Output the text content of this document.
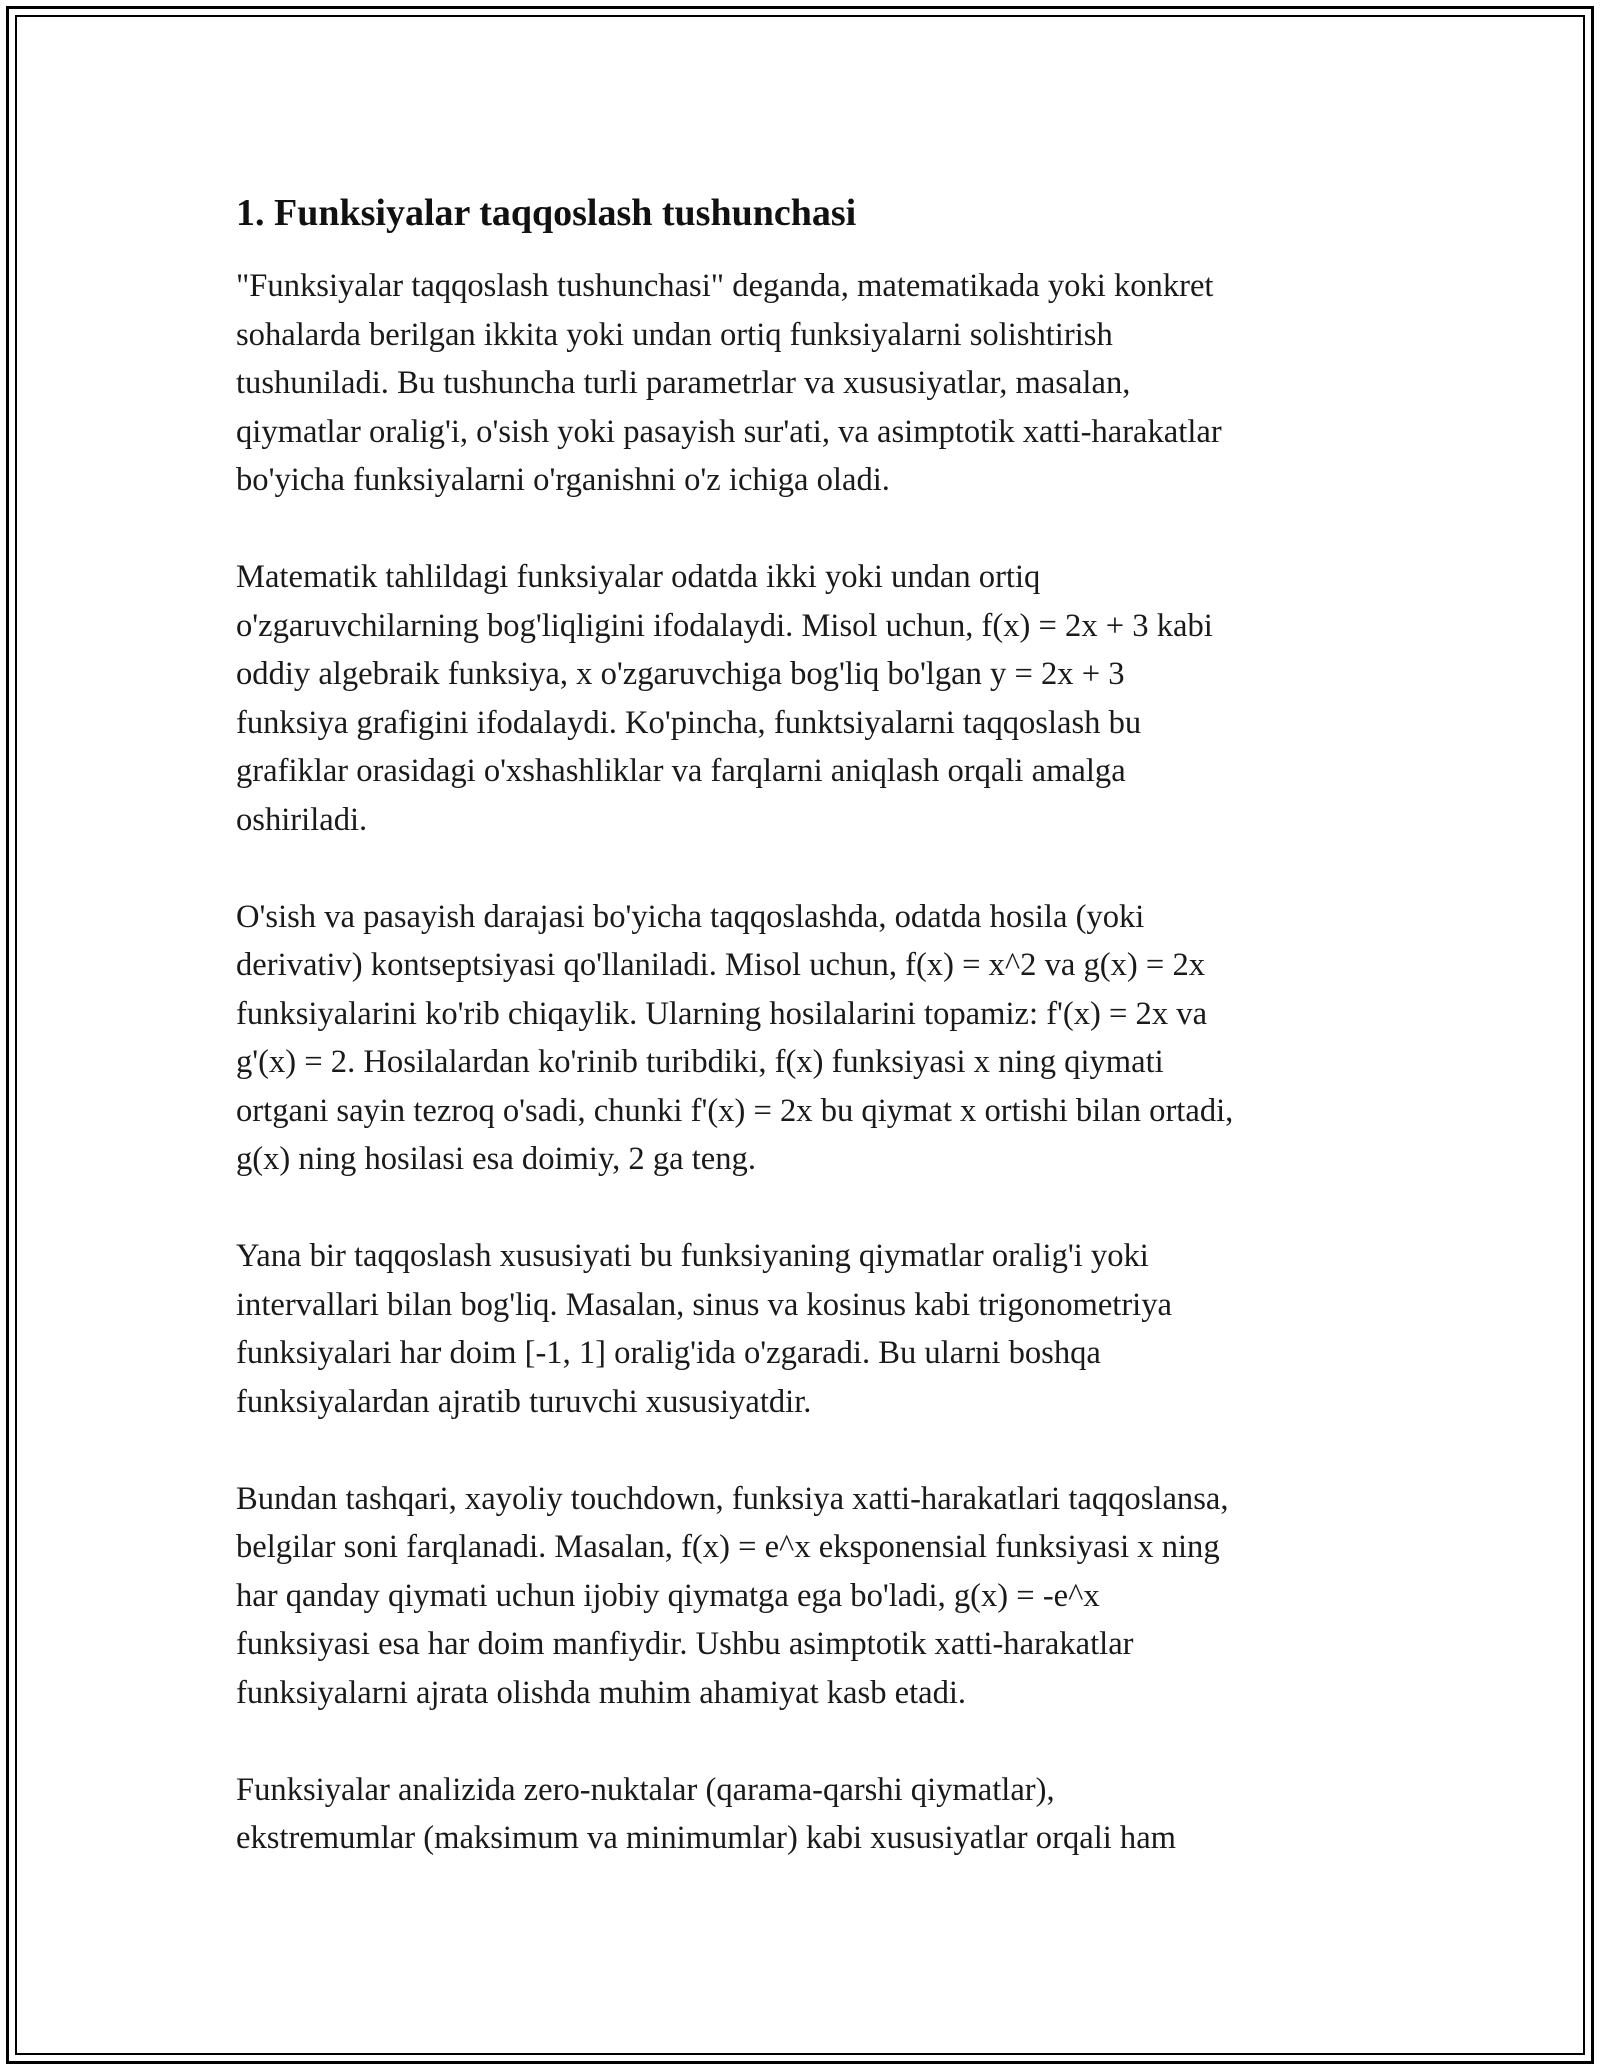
1. Funksiyalar taqqoslash tushunchasi

"Funksiyalar taqqoslash tushunchasi" deganda, matematikada yoki konkret
sohalarda berilgan ikkita yoki undan ortiq funksiyalarni solishtirish
tushuniladi. Bu tushuncha turli parametrlar va xususiyatlar, masalan,
qiymatlar oralig'i, o'sish yoki pasayish sur'ati, va asimptotik xatti-harakatlar
bo'yicha funksiyalarni o'rganishni o'z ichiga oladi.

Matematik tahlildagi funksiyalar odatda ikki yoki undan ortiq
o'zgaruvchilarning bog'liqligini ifodalaydi. Misol uchun, f(x) = 2x + 3 kabi
oddiy algebraik funksiya, x o'zgaruvchiga bog'liq bo'lgan y = 2x + 3
funksiya grafigini ifodalaydi. Ko'pincha, funktsiyalarni taqqoslash bu
grafiklar orasidagi o'xshashliklar va farqlarni aniqlash orqali amalga
oshiriladi.

O'sish va pasayish darajasi bo'yicha taqqoslashda, odatda hosila (yoki
derivativ) kontseptsiyasi qo'llaniladi. Misol uchun, f(x) = x^2 va g(x) = 2x
funksiyalarini ko'rib chiqaylik. Ularning hosilalarini topamiz: f'(x) = 2x va
g'(x) = 2. Hosilalardan ko'rinib turibdiki, f(x) funksiyasi x ning qiymati
ortgani sayin tezroq o'sadi, chunki f'(x) = 2x bu qiymat x ortishi bilan ortadi,
g(x) ning hosilasi esa doimiy, 2 ga teng.

Yana bir taqqoslash xususiyati bu funksiyaning qiymatlar oralig'i yoki
intervallari bilan bog'liq. Masalan, sinus va kosinus kabi trigonometriya
funksiyalari har doim [-1, 1] oralig'ida o'zgaradi. Bu ularni boshqa
funksiyalardan ajratib turuvchi xususiyatdir.

Bundan tashqari, xayoliy touchdown, funksiya xatti-harakatlari taqqoslansa,
belgilar soni farqlanadi. Masalan, f(x) = e^x eksponensial funksiyasi x ning
har qanday qiymati uchun ijobiy qiymatga ega bo'ladi, g(x) = -e^x
funksiyasi esa har doim manfiydir. Ushbu asimptotik xatti-harakatlar
funksiyalarni ajrata olishda muhim ahamiyat kasb etadi.

Funksiyalar analizida zero-nuktalar (qarama-qarshi qiymatlar),
ekstremumlar (maksimum va minimumlar) kabi xususiyatlar orqali ham
